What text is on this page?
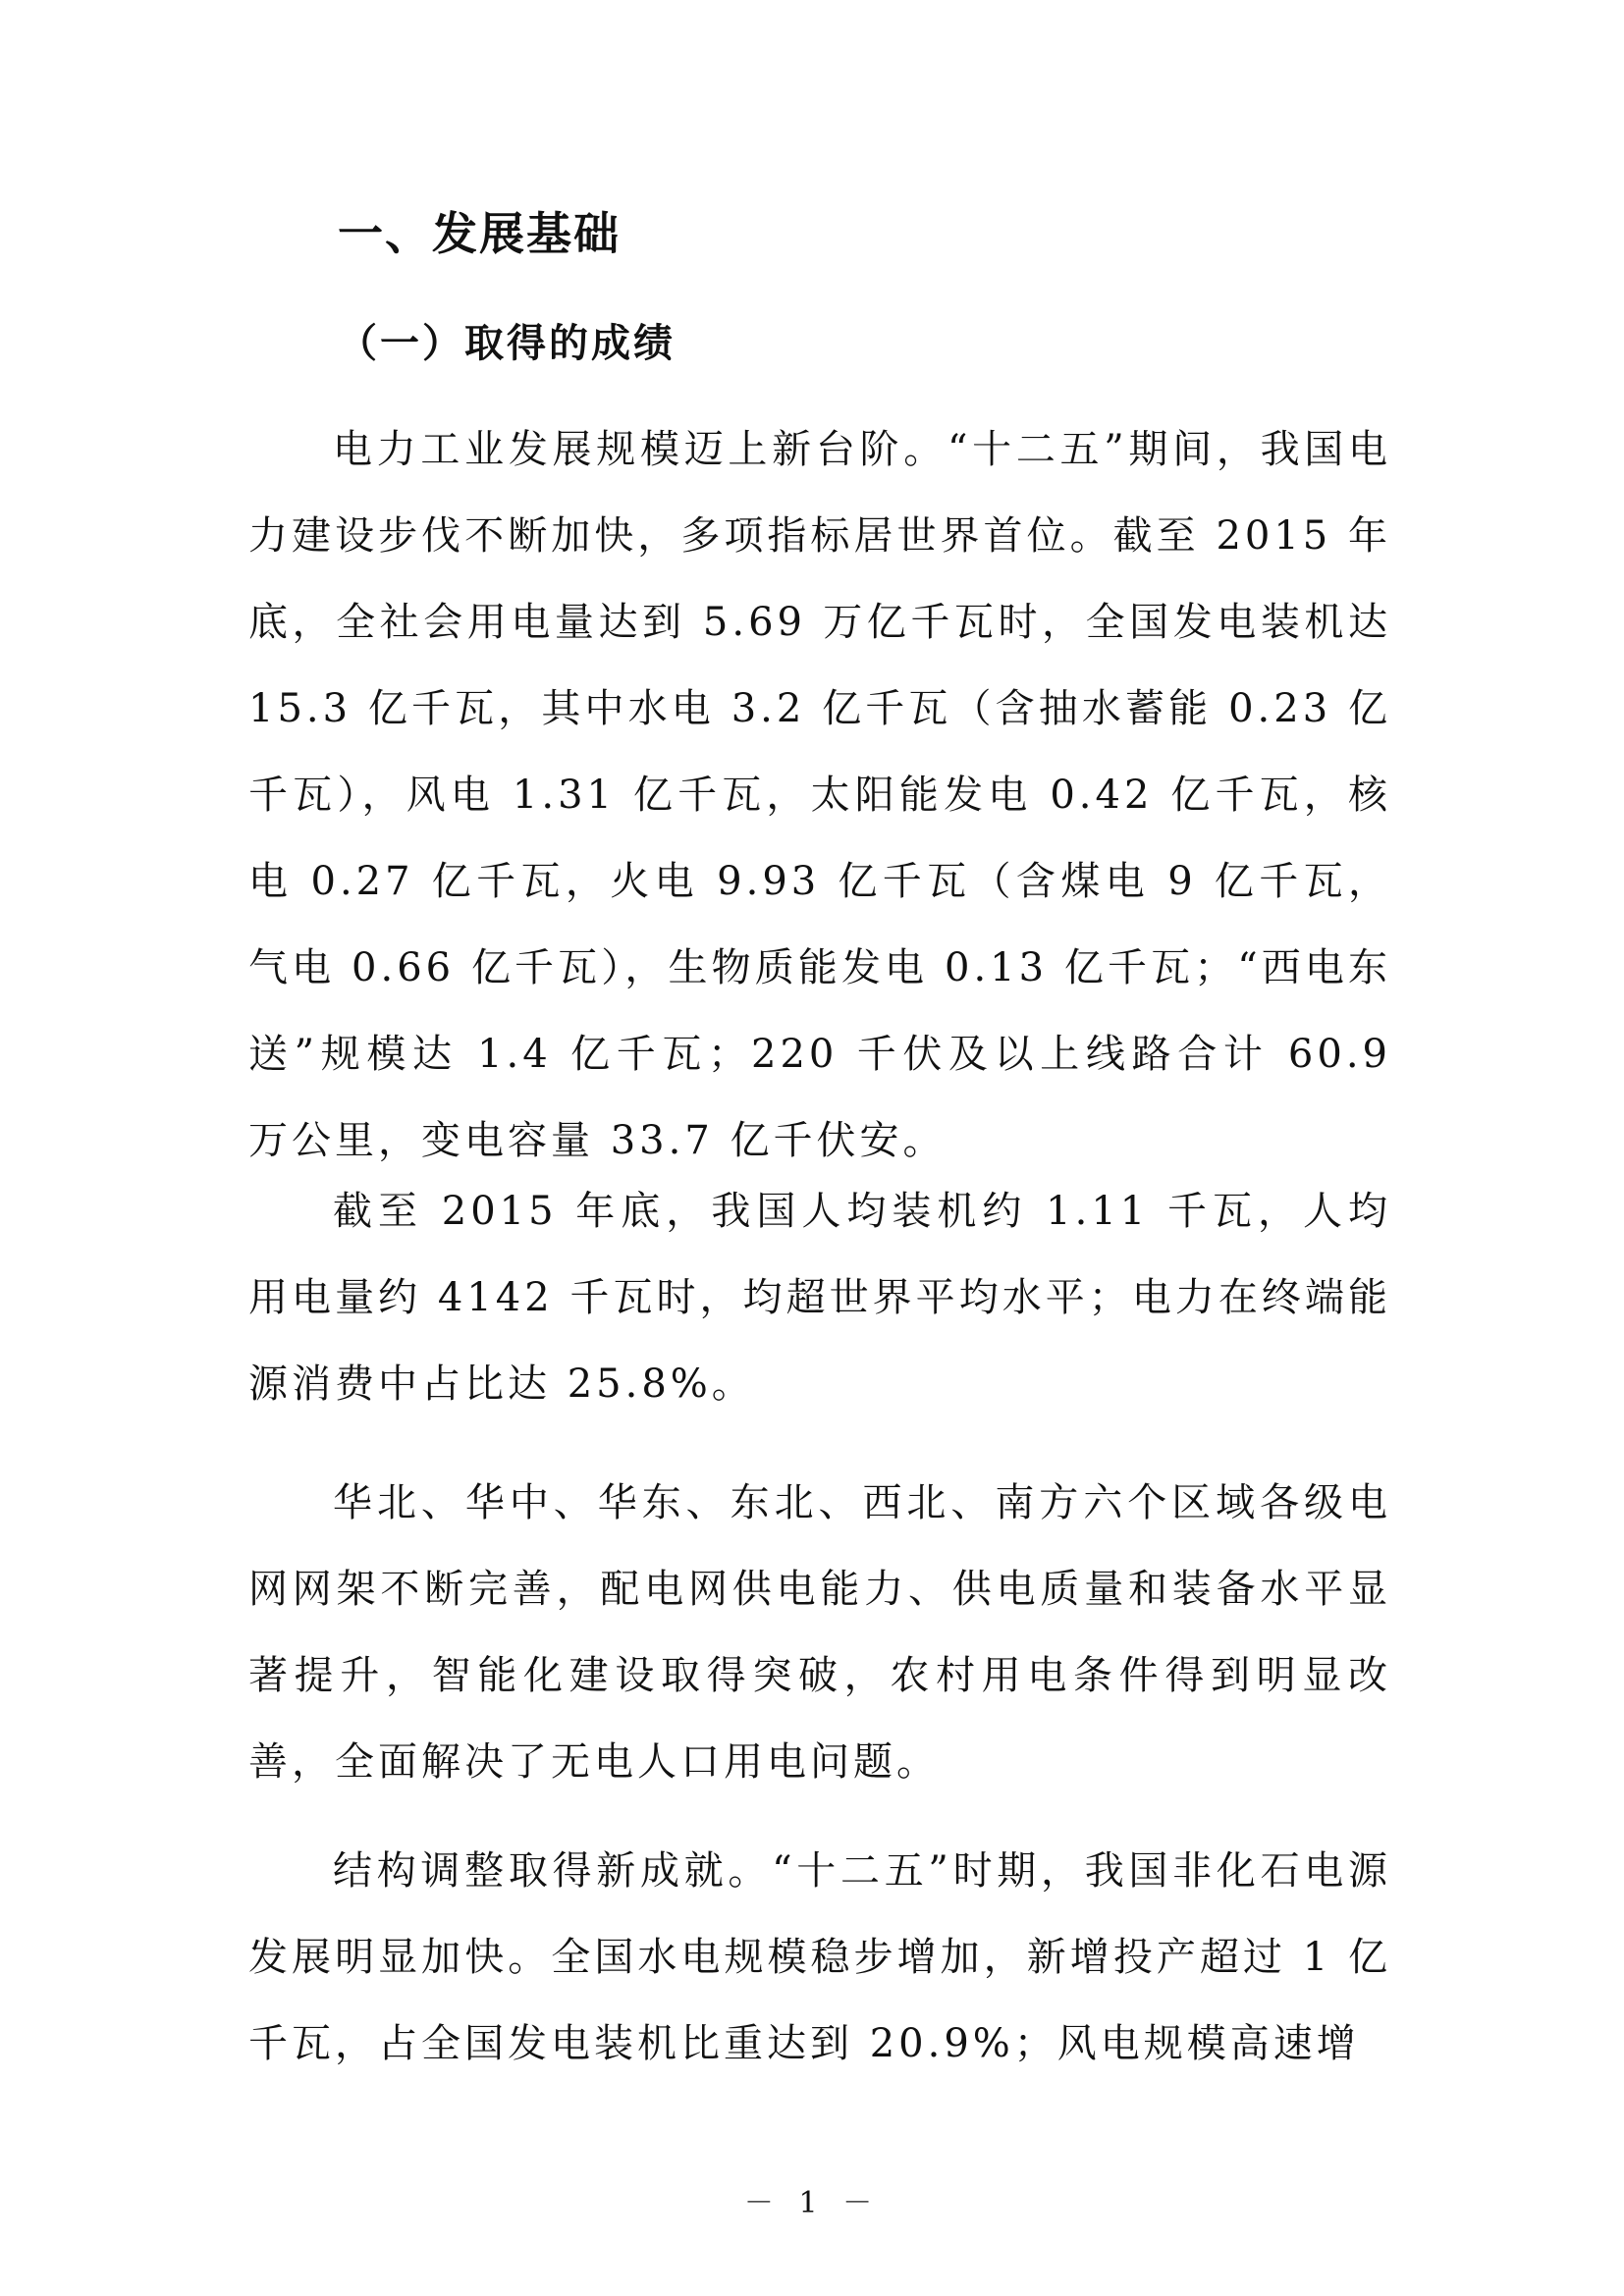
一、发展基础
（一）取得的成绩

电力工业发展规模迈上新台阶。“十二五”期间，我国电力建设步伐不断加快，多项指标居世界首位。截至 2015 年底，全社会用电量达到 5.69 万亿千瓦时，全国发电装机达 15.3 亿千瓦，其中水电 3.2 亿千瓦（含抽水蓄能 0.23 亿千瓦），风电 1.31 亿千瓦，太阳能发电 0.42 亿千瓦，核电 0.27 亿千瓦，火电 9.93 亿千瓦（含煤电 9 亿千瓦，气电 0.66 亿千瓦），生物质能发电 0.13 亿千瓦；“西电东送”规模达 1.4 亿千瓦；220 千伏及以上线路合计 60.9 万公里，变电容量 33.7 亿千伏安。

截至 2015 年底，我国人均装机约 1.11 千瓦，人均用电量约 4142 千瓦时，均超世界平均水平；电力在终端能源消费中占比达 25.8%。

华北、华中、华东、东北、西北、南方六个区域各级电网网架不断完善，配电网供电能力、供电质量和装备水平显著提升，智能化建设取得突破，农村用电条件得到明显改善，全面解决了无电人口用电问题。

结构调整取得新成就。“十二五”时期，我国非化石电源发展明显加快。全国水电规模稳步增加，新增投产超过 1 亿千瓦，占全国发电装机比重达到 20.9%；风电规模高速增

－ 1 －
